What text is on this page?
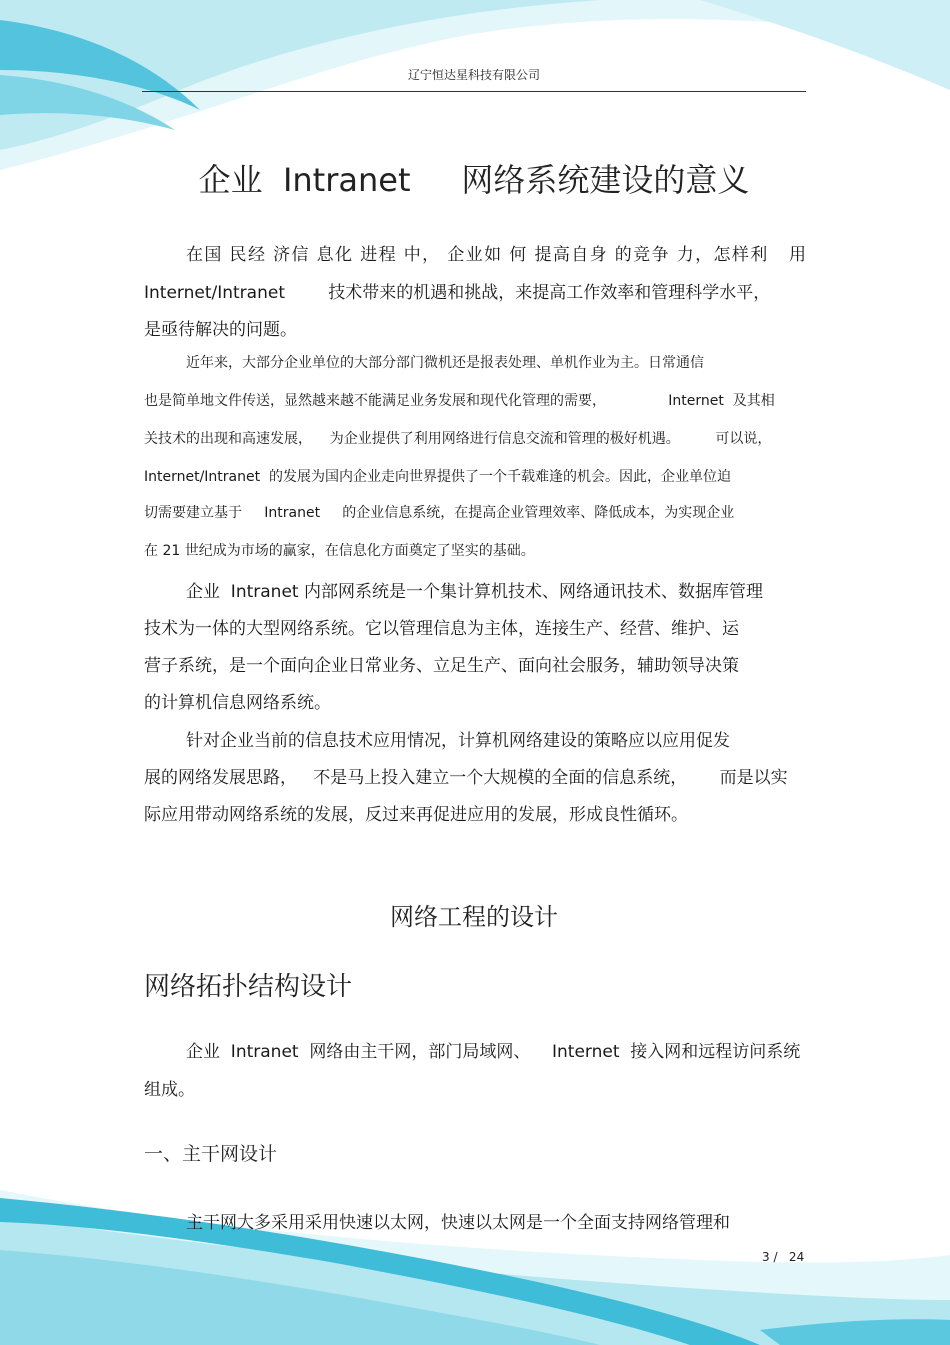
辽宁恒达星科技有限公司
企业  Intranet     网络系统建设的意义
在国 民经 济信 息化 进程 中， 企业如 何 提高自身 的竞争 力，怎样利   用
Internet/Intranet        技术带来的机遇和挑战，来提高工作效率和管理科学水平，
是亟待解决的问题。
近年来，大部分企业单位的大部分部门微机还是报表处理、单机作业为主。日常通信
也是简单地文件传送，显然越来越不能满足业务发展和现代化管理的需要，              Internet  及其相
关技术的出现和高速发展，    为企业提供了利用网络进行信息交流和管理的极好机遇。        可以说，
Internet/Intranet  的发展为国内企业走向世界提供了一个千载难逢的机会。因此，企业单位迫
切需要建立基于     Intranet     的企业信息系统，在提高企业管理效率、降低成本，为实现企业
在 21 世纪成为市场的赢家，在信息化方面奠定了坚实的基础。
企业  Intranet 内部网系统是一个集计算机技术、网络通讯技术、数据库管理
技术为一体的大型网络系统。它以管理信息为主体，连接生产、经营、维护、运
营子系统，是一个面向企业日常业务、立足生产、面向社会服务，辅助领导决策
的计算机信息网络系统。
针对企业当前的信息技术应用情况，计算机网络建设的策略应以应用促发
展的网络发展思路，   不是马上投入建立一个大规模的全面的信息系统，      而是以实
际应用带动网络系统的发展，反过来再促进应用的发展，形成良性循环。
网络工程的设计
网络拓扑结构设计
企业  Intranet  网络由主干网，部门局域网、    Internet  接入网和远程访问系统
组成。
一、主干网设计
主干网大多采用采用快速以太网，快速以太网是一个全面支持网络管理和
3 /   24
